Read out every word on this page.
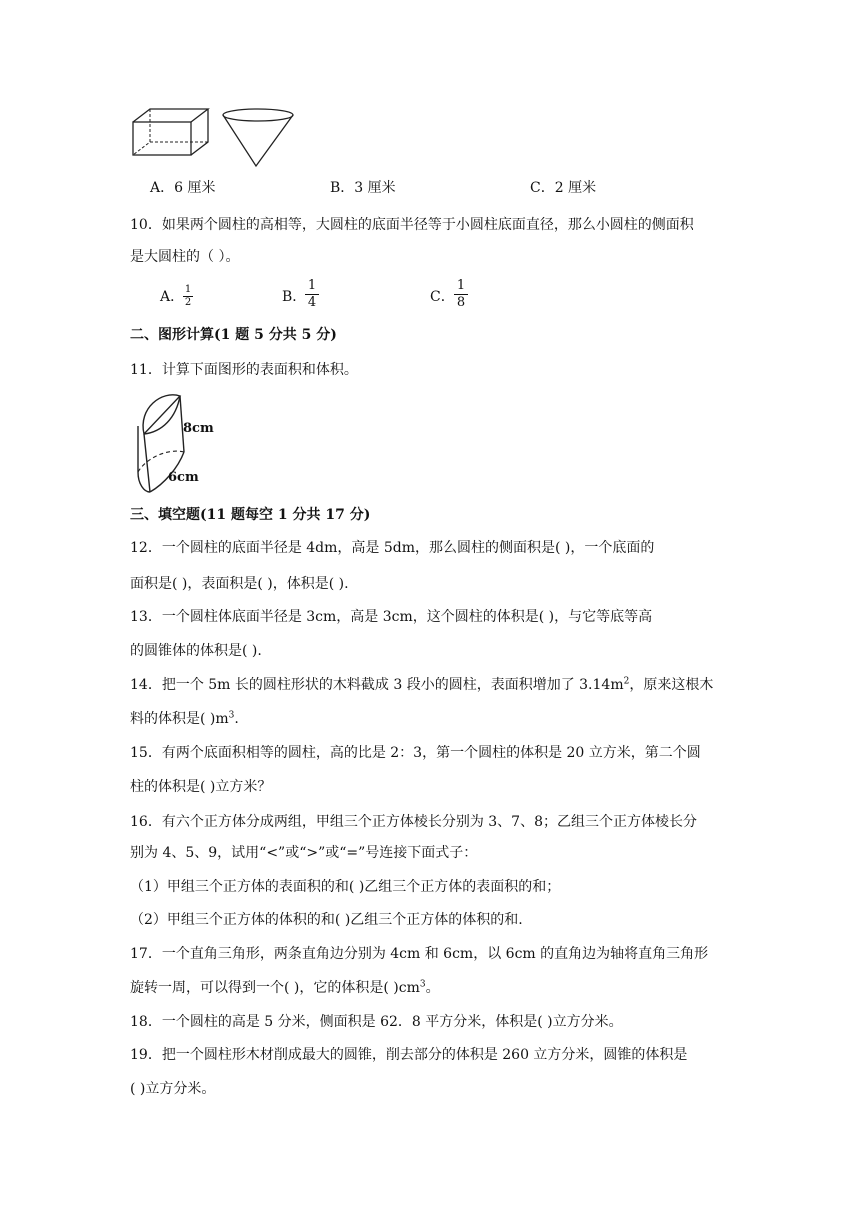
A．6 厘米	B．3 厘米	C．2 厘米
10．如果两个圆柱的高相等，大圆柱的底面半径等于小圆柱底面直径，那么小圆柱的侧面积
是大圆柱的（ ）。
A．
$\frac{1}{2}$	B．
$\frac{1}{4}$	C． $\frac{1}{8}$
二、图形计算(1 题 5 分共 5 分)
11．计算下面图形的表面积和体积。
8cm
6cm
三、填空题(11 题每空 1 分共 17 分)
12．一个圆柱的底面半径是 4dm，高是 5dm，那么圆柱的侧面积是( )，一个底面的
面积是( )，表面积是( )，体积是( ).
13．一个圆柱体底面半径是 3cm，高是 3cm，这个圆柱的体积是( )，与它等底等高
的圆锥体的体积是( ).
14．把一个 5m 长的圆柱形状的木料截成 3 段小的圆柱，表面积增加了 $3.14m^2$，原来这根木
料的体积是( )$m^3$.
15．有两个底面积相等的圆柱，高的比是 2：3，第一个圆柱的体积是 20 立方米，第二个圆
柱的体积是( )立方米？
16．有六个正方体分成两组，甲组三个正方体棱长分别为 3、7、8；乙组三个正方体棱长分
别为 4、5、9，试用“<”或“>”或“=”号连接下面式子：
（1）甲组三个正方体的表面积的和( )乙组三个正方体的表面积的和；
（2）甲组三个正方体的体积的和( )乙组三个正方体的体积的和.
17．一个直角三角形，两条直角边分别为 4cm 和 6cm，以 6cm 的直角边为轴将直角三角形
旋转一周，可以得到一个( )，它的体积是( )$cm^3$。
18．一个圆柱的高是 5 分米，侧面积是 62．8 平方分米，体积是( )立方分米。
19．把一个圆柱形木材削成最大的圆锥，削去部分的体积是 260 立方分米，圆锥的体积是
( )立方分米。
